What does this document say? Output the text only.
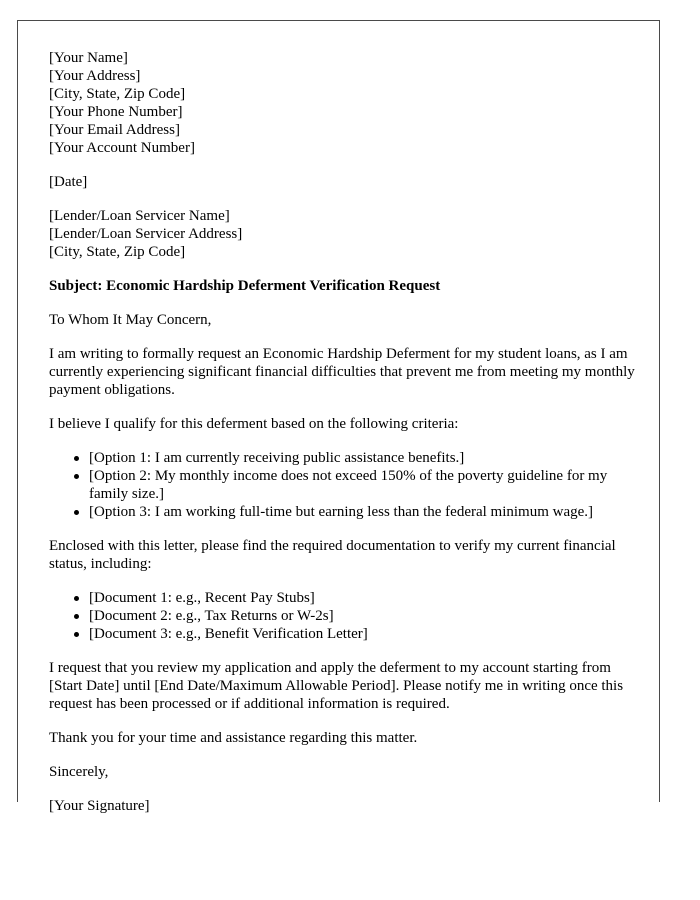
[Your Name]
[Your Address]
[City, State, Zip Code]
[Your Phone Number]
[Your Email Address]
[Your Account Number]
[Date]
[Lender/Loan Servicer Name]
[Lender/Loan Servicer Address]
[City, State, Zip Code]

Subject: Economic Hardship Deferment Verification Request

To Whom It May Concern,

I am writing to formally request an Economic Hardship Deferment for my student loans, as I am currently experiencing significant financial difficulties that prevent me from meeting my monthly payment obligations.

I believe I qualify for this deferment based on the following criteria:

[Option 1: I am currently receiving public assistance benefits.]
[Option 2: My monthly income does not exceed 150% of the poverty guideline for my family size.]
[Option 3: I am working full-time but earning less than the federal minimum wage.]

Enclosed with this letter, please find the required documentation to verify my current financial status, including:

[Document 1: e.g., Recent Pay Stubs]
[Document 2: e.g., Tax Returns or W-2s]
[Document 3: e.g., Benefit Verification Letter]

I request that you review my application and apply the deferment to my account starting from [Start Date] until [End Date/Maximum Allowable Period]. Please notify me in writing once this request has been processed or if additional information is required.

Thank you for your time and assistance regarding this matter.

Sincerely,

[Your Signature]
